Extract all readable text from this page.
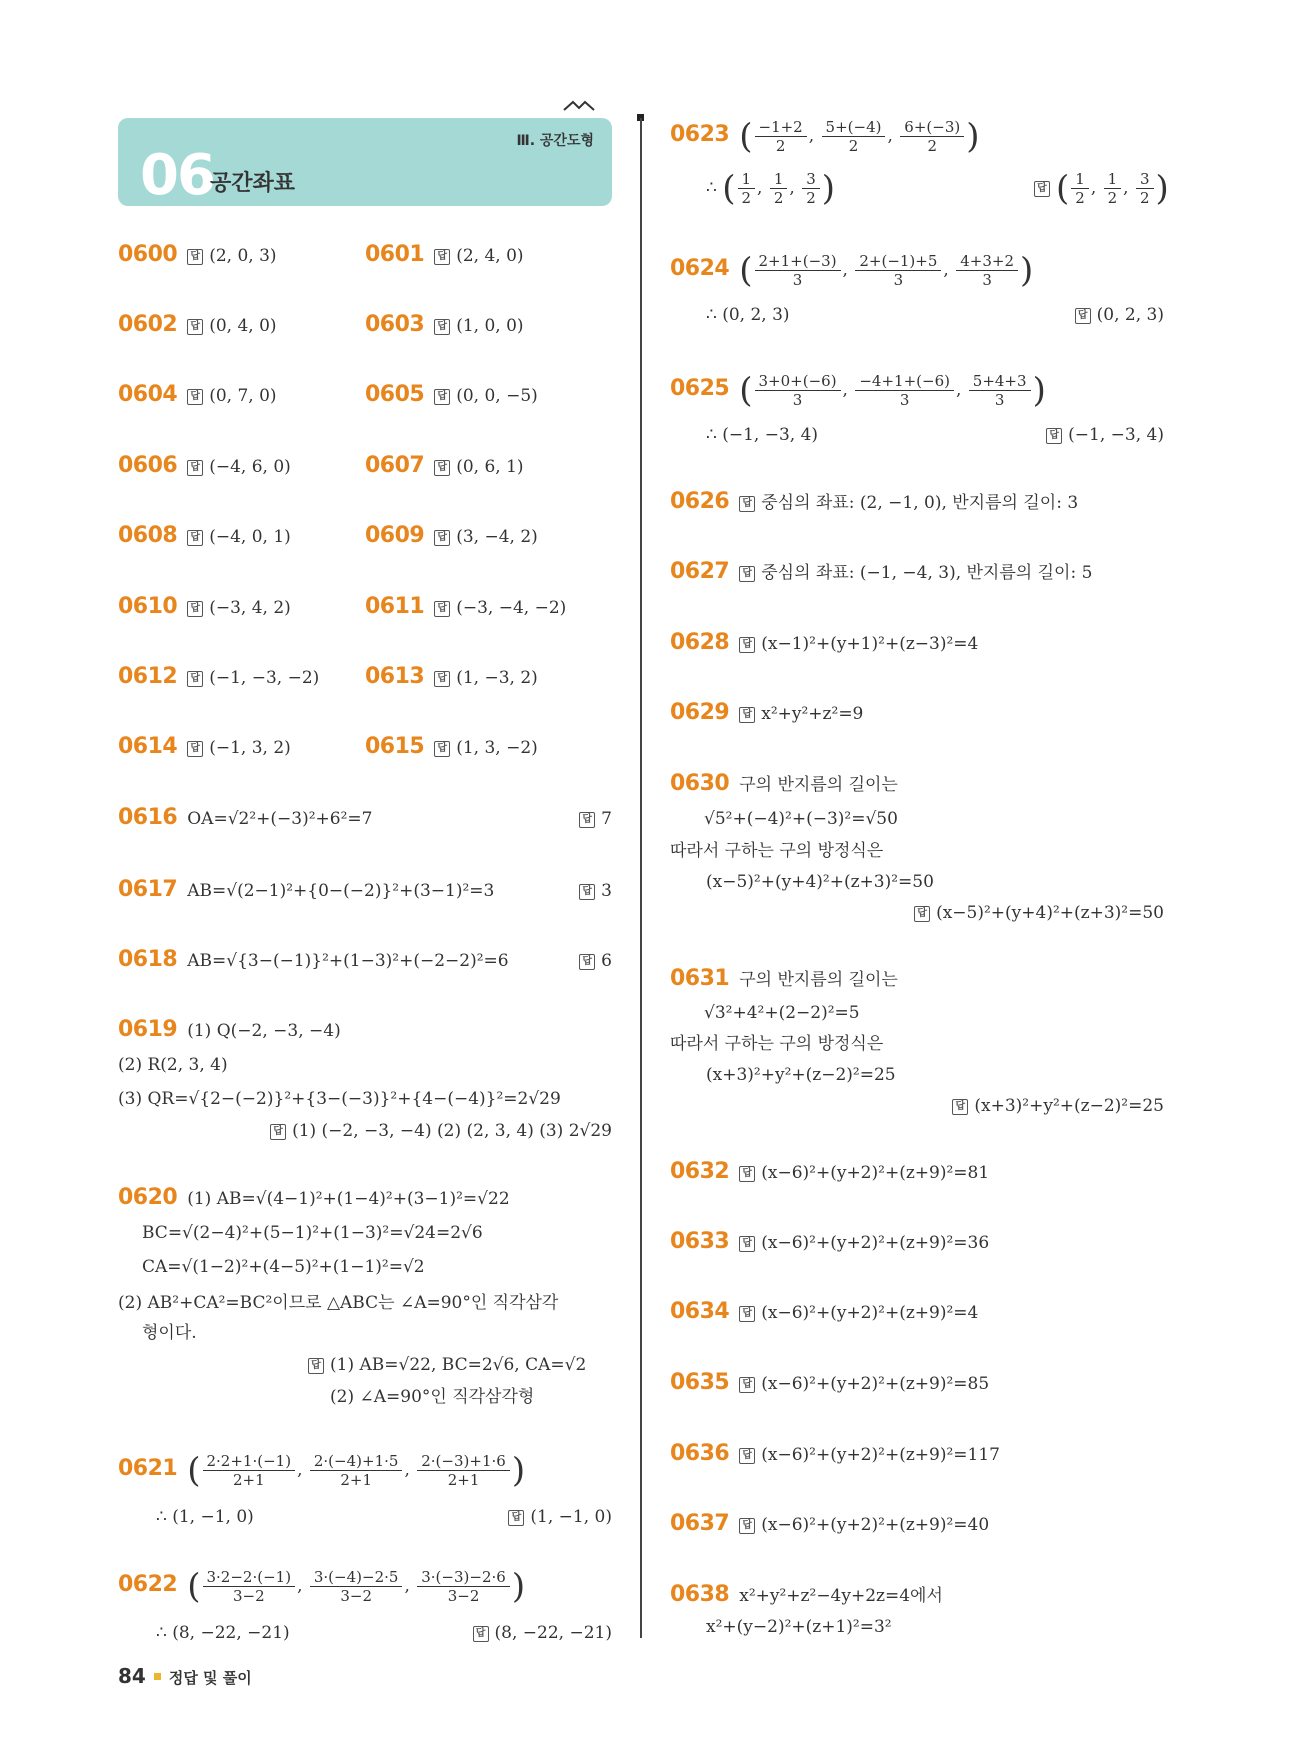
Ⅲ. 공간도형
06
공간좌표
0600 답 (2, 0, 3)	0601 답 (2, 4, 0)
0602 답 (0, 4, 0)	0603 답 (1, 0, 0)
0604 답 (0, 7, 0)	0605 답 (0, 0, −5)
0606 답 (−4, 6, 0)	0607 답 (0, 6, 1)
0608 답 (−4, 0, 1)	0609 답 (3, −4, 2)
0610 답 (−3, 4, 2)	0611 답 (−3, −4, −2)
0612 답 (−1, −3, −2) 0613 답 (1, −3, 2)
0614 답 (−1, 3, 2)	0615 답 (1, 3, −2)
0616 OA=√2²+(−3)²+6²=7	답 7
0617 AB=√(2−1)²+{0−(−2)}²+(3−1)²=3	답 3
0618 AB=√{3−(−1)}²+(1−3)²+(−2−2)²=6	답 6
0619 (1) Q(−2, −3, −4)
(2) R(2, 3, 4)
(3) QR=√{2−(−2)}²+{3−(−3)}²+{4−(−4)}²=2√29
답 (1) (−2, −3, −4) (2) (2, 3, 4) (3) 2√29
0620 (1) AB=√(4−1)²+(1−4)²+(3−1)²=√22
BC=√(2−4)²+(5−1)²+(1−3)²=√24=2√6
CA=√(1−2)²+(4−5)²+(1−1)²=√2
(2) AB²+CA²=BC²이므로 △ABC는 ∠A=90°인 직각삼각
형이다.
답 (1) AB=√22, BC=2√6, CA=√2
(2) ∠A=90°인 직각삼각형
0621 ( $\frac{2\cdot 2+1\cdot(-1)}{2+1}$ , $\frac{2\cdot(-4)+1\cdot 5}{2+1}$ , $\frac{2\cdot(-3)+1\cdot 6}{2+1}$ )
∴ (1, −1, 0)	답 (1, −1, 0)
0622 ( $\frac{3\cdot 2-2\cdot(-1)}{3-2}$ , $\frac{3\cdot(-4)-2\cdot 5}{3-2}$ , $\frac{3\cdot(-3)-2\cdot 6}{3-2}$ )
∴ (8, −22, −21)	답 (8, −22, −21)
0623 ( $\frac{-1+2}{2}$ , $\frac{5+(-4)}{2}$ , $\frac{6+(-3)}{2}$ )
∴ ( $\frac{1}{2}$ , $\frac{1}{2}$ , $\frac{3}{2}$ )	답 ( $\frac{1}{2}$ , $\frac{1}{2}$ , $\frac{3}{2}$ )
0624 ( $\frac{2+1+(-3)}{3}$ , $\frac{2+(-1)+5}{3}$ , $\frac{4+3+2}{3}$ )
∴ (0, 2, 3)	답 (0, 2, 3)
0625 ( $\frac{3+0+(-6)}{3}$ , $\frac{-4+1+(-6)}{3}$ , $\frac{5+4+3}{3}$ )
∴ (−1, −3, 4)	답 (−1, −3, 4)
0626 답 중심의 좌표: (2, −1, 0), 반지름의 길이: 3
0627 답 중심의 좌표: (−1, −4, 3), 반지름의 길이: 5
0628 답 (x−1)²+(y+1)²+(z−3)²=4
0629 답 x²+y²+z²=9
0630 구의 반지름의 길이는
√5²+(−4)²+(−3)²=√50
따라서 구하는 구의 방정식은
(x−5)²+(y+4)²+(z+3)²=50
답 (x−5)²+(y+4)²+(z+3)²=50
0631 구의 반지름의 길이는
√3²+4²+(2−2)²=5
따라서 구하는 구의 방정식은
(x+3)²+y²+(z−2)²=25
답 (x+3)²+y²+(z−2)²=25
0632 답 (x−6)²+(y+2)²+(z+9)²=81
0633 답 (x−6)²+(y+2)²+(z+9)²=36
0634 답 (x−6)²+(y+2)²+(z+9)²=4
0635 답 (x−6)²+(y+2)²+(z+9)²=85
0636 답 (x−6)²+(y+2)²+(z+9)²=117
0637 답 (x−6)²+(y+2)²+(z+9)²=40
0638 x²+y²+z²−4y+2z=4에서
x²+(y−2)²+(z+1)²=3²
84 정답 및 풀이
